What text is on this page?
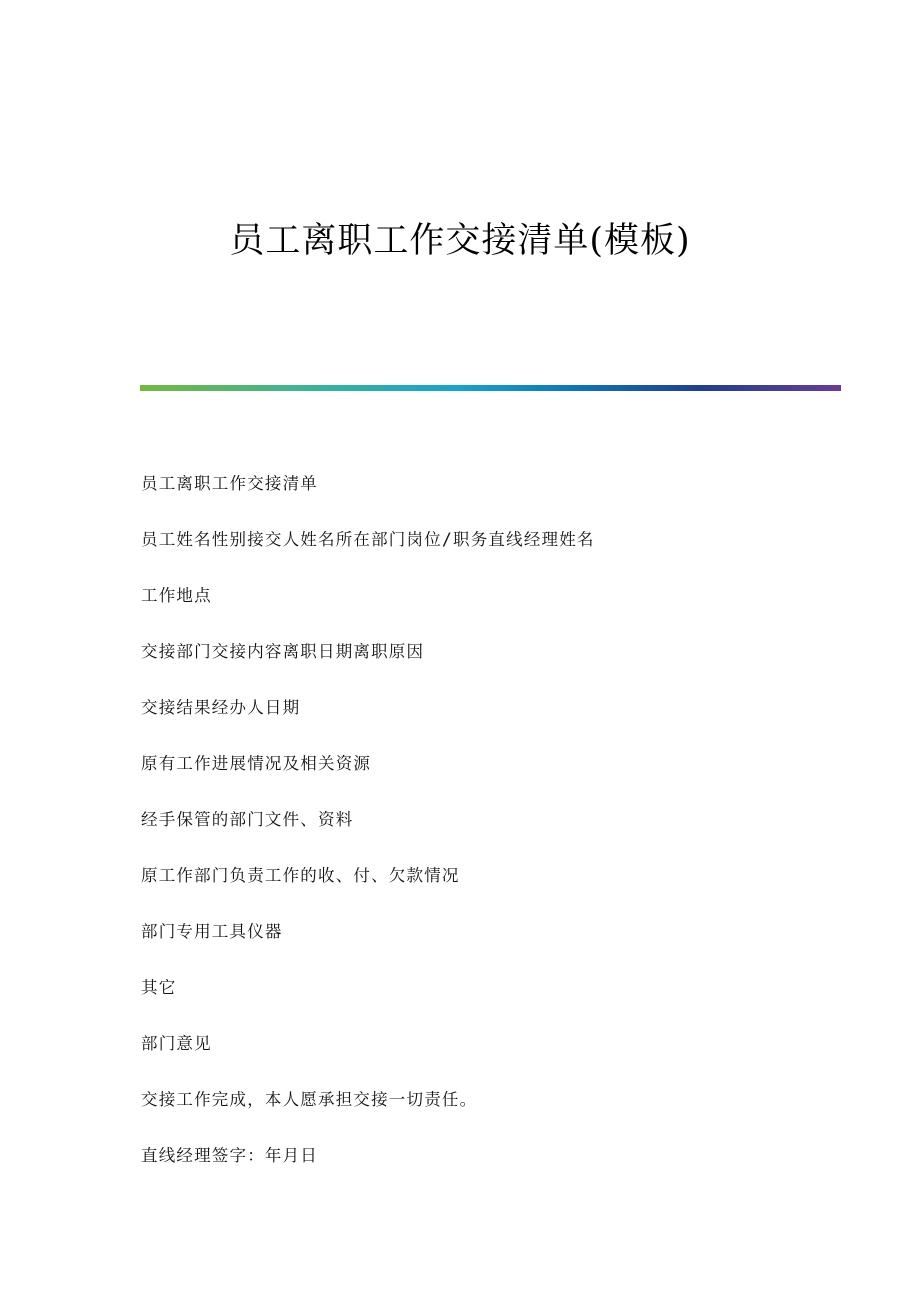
员工离职工作交接清单(模板)
员工离职工作交接清单
员工姓名性别接交人姓名所在部门岗位/职务直线经理姓名
工作地点
交接部门交接内容离职日期离职原因
交接结果经办人日期
原有工作进展情况及相关资源
经手保管的部门文件、资料
原工作部门负责工作的收、付、欠款情况
部门专用工具仪器
其它
部门意见
交接工作完成，本人愿承担交接一切责任。
直线经理签字：年月日
